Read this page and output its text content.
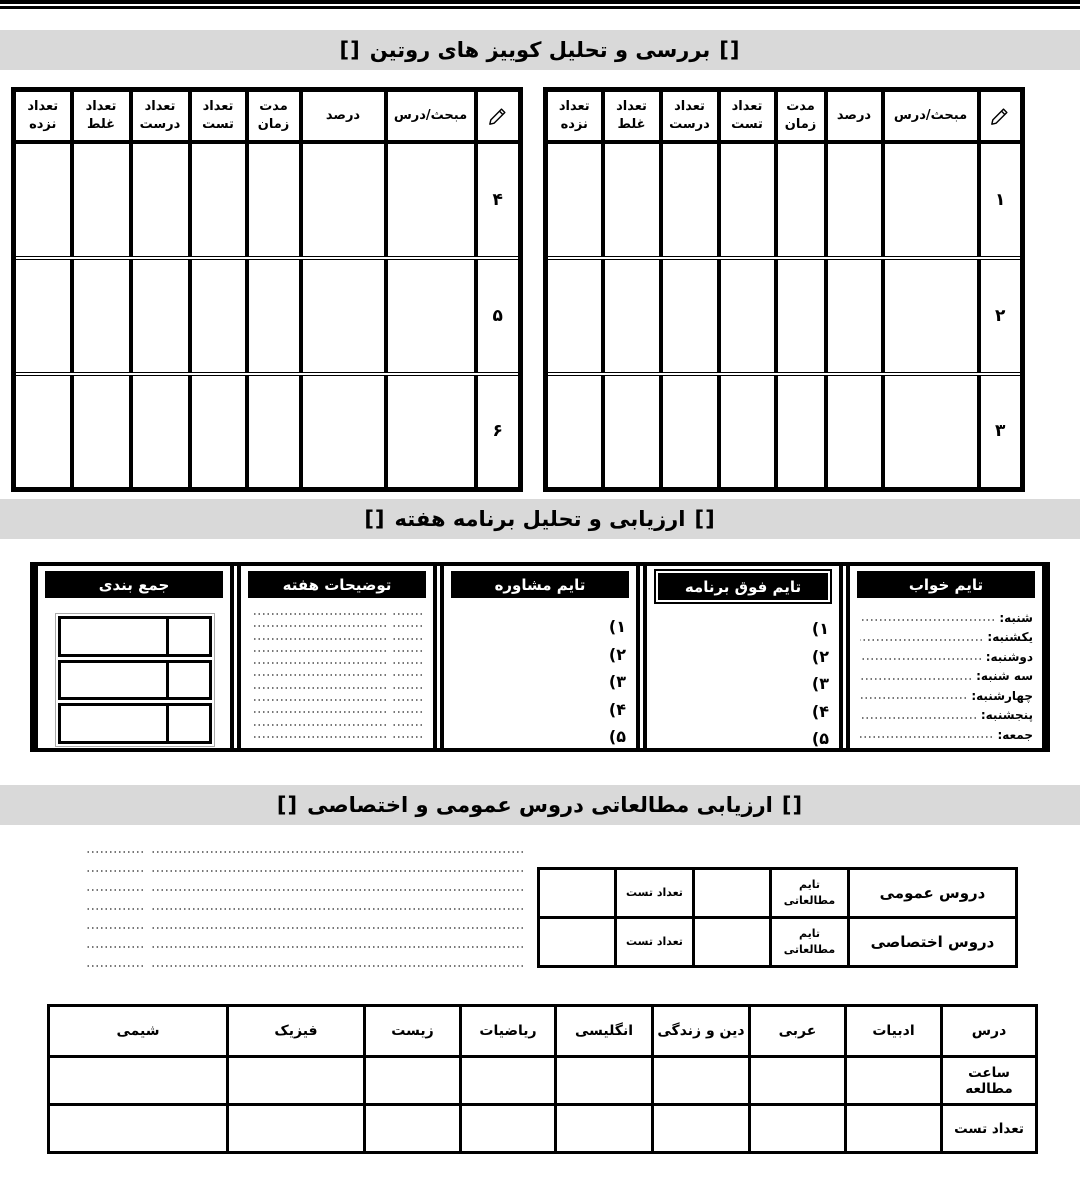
[] بررسی و تحلیل کوییز های روتین []
	مبحث/درس	درصد	مدت زمان	تعداد تست	تعداد درست	تعداد غلط	تعداد نزده
۴							
۵							
۶							
	مبحث/درس	درصد	مدت زمان	تعداد تست	تعداد درست	تعداد غلط	تعداد نزده
۱							
۲							
۳							
[] ارزیابی و تحلیل برنامه هفته []
تایم خواب
شنبه:
یکشنبه:
دوشنبه:
سه شنبه:
چهارشنبه:
پنجشنبه:
جمعه:
تایم فوق برنامه
(۱
(۲
(۳
(۴
(۵
تایم مشاوره
(۱
(۲
(۳
(۴
(۵
توضیحات هفته
جمع بندی
[] ارزیابی مطالعاتی دروس عمومی و اختصاصی []
دروس عمومی	تایم مطالعاتی		تعداد تست	
دروس اختصاصی	تایم مطالعاتی		تعداد تست	
درس	ادبیات	عربی	دین و زندگی	انگلیسی	ریاضیات	زیست	فیزیک	شیمی
ساعت مطالعه								
تعداد تست								
